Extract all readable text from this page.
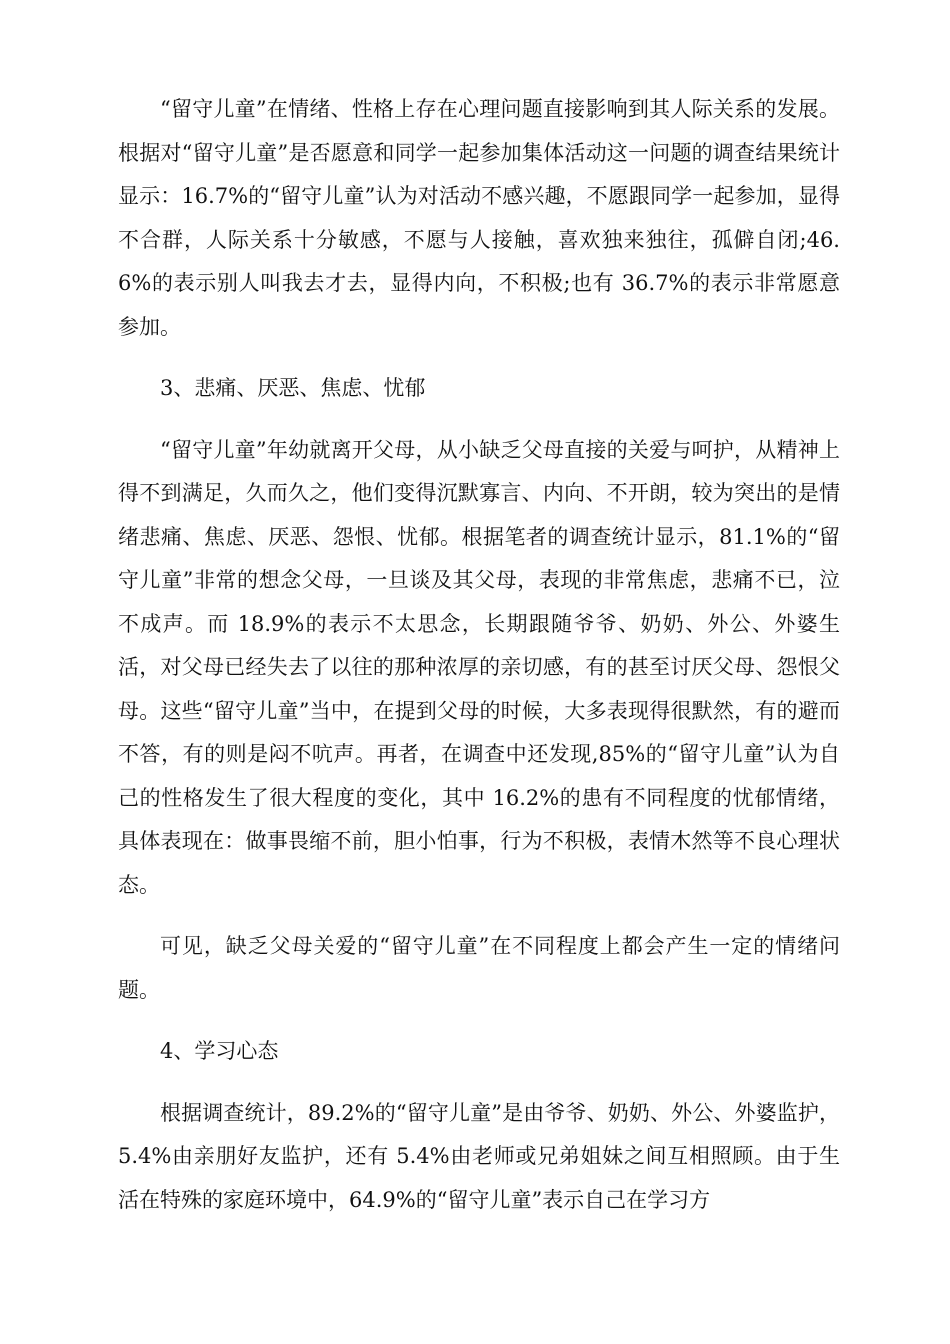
“留守儿童”在情绪、性格上存在心理问题直接影响到其人际关系的发展。根据对“留守儿童”是否愿意和同学一起参加集体活动这一问题的调查结果统计显示：16.7%的“留守儿童”认为对活动不感兴趣，不愿跟同学一起参加，显得不合群，人际关系十分敏感，不愿与人接触，喜欢独来独往，孤僻自闭;46.6%的表示别人叫我去才去，显得内向，不积极;也有 36.7%的表示非常愿意参加。

3、悲痛、厌恶、焦虑、忧郁

“留守儿童”年幼就离开父母，从小缺乏父母直接的关爱与呵护，从精神上得不到满足，久而久之，他们变得沉默寡言、内向、不开朗，较为突出的是情绪悲痛、焦虑、厌恶、怨恨、忧郁。根据笔者的调查统计显示，81.1%的“留守儿童”非常的想念父母，一旦谈及其父母，表现的非常焦虑，悲痛不已，泣不成声。而 18.9%的表示不太思念，长期跟随爷爷、奶奶、外公、外婆生活，对父母已经失去了以往的那种浓厚的亲切感，有的甚至讨厌父母、怨恨父母。这些“留守儿童”当中，在提到父母的时候，大多表现得很默然，有的避而不答，有的则是闷不吭声。再者，在调查中还发现,85%的“留守儿童”认为自己的性格发生了很大程度的变化，其中 16.2%的患有不同程度的忧郁情绪，具体表现在：做事畏缩不前，胆小怕事，行为不积极，表情木然等不良心理状态。

可见，缺乏父母关爱的“留守儿童”在不同程度上都会产生一定的情绪问题。

4、学习心态

根据调查统计，89.2%的“留守儿童”是由爷爷、奶奶、外公、外婆监护，5.4%由亲朋好友监护，还有 5.4%由老师或兄弟姐妹之间互相照顾。由于生活在特殊的家庭环境中，64.9%的“留守儿童”表示自己在学习方
